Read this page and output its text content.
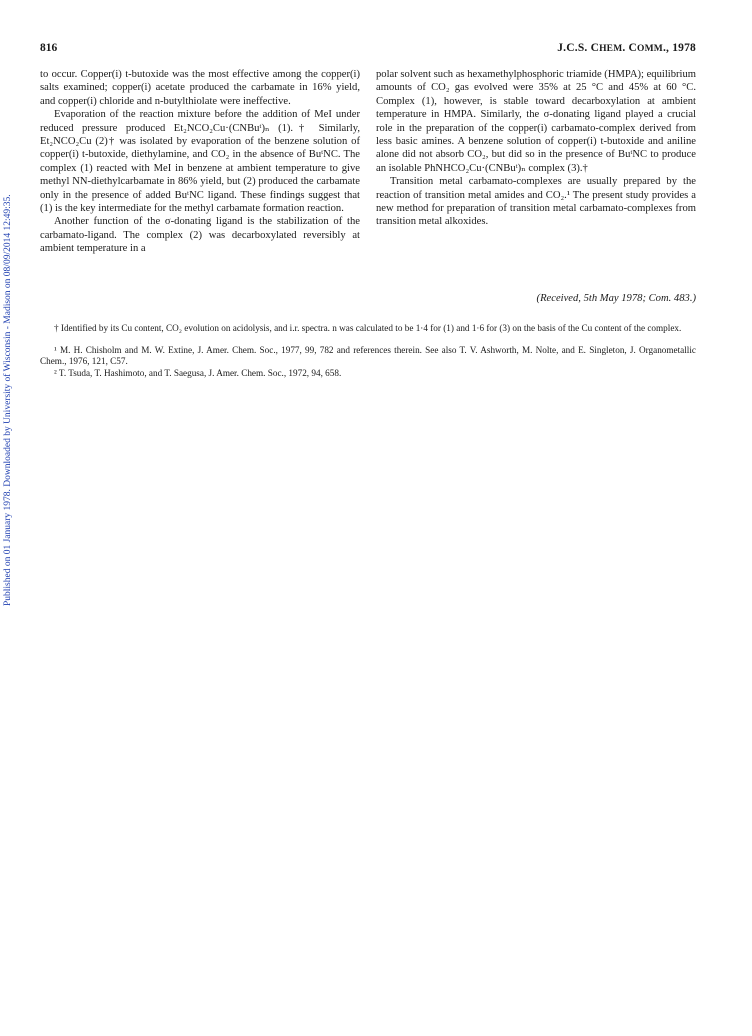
Published on 01 January 1978. Downloaded by University of Wisconsin - Madison on 08/09/2014 12:49:35.
816	J.C.S. CHEM. COMM., 1978

to occur. Copper(i) t-butoxide was the most effective among the copper(i) salts examined; copper(i) acetate produced the carbamate in 16% yield, and copper(i) chloride and n-butylthiolate were ineffective.

Evaporation of the reaction mixture before the addition of MeI under reduced pressure produced Et₂NCO₂Cu·(CNBuᵗ)ₙ (1).† Similarly, Et₂NCO₂Cu (2)† was isolated by evaporation of the benzene solution of copper(i) t-butoxide, diethylamine, and CO₂ in the absence of BuᵗNC. The complex (1) reacted with MeI in benzene at ambient temperature to give methyl NN-diethylcarbamate in 86% yield, but (2) produced the carbamate only in the presence of added BuᵗNC ligand. These findings suggest that (1) is the key intermediate for the methyl carbamate formation reaction.

Another function of the σ-donating ligand is the stabilization of the carbamato-ligand. The complex (2) was decarboxylated reversibly at ambient temperature in a

polar solvent such as hexamethylphosphoric triamide (HMPA); equilibrium amounts of CO₂ gas evolved were 35% at 25 °C and 45% at 60 °C. Complex (1), however, is stable toward decarboxylation at ambient temperature in HMPA. Similarly, the σ-donating ligand played a crucial role in the preparation of the copper(i) carbamato-complex derived from less basic amines. A benzene solution of copper(i) t-butoxide and aniline alone did not absorb CO₂, but did so in the presence of BuᵗNC to produce an isolable PhNHCO₂Cu·(CNBuᵗ)ₙ complex (3).†

Transition metal carbamato-complexes are usually prepared by the reaction of transition metal amides and CO₂.¹ The present study provides a new method for preparation of transition metal carbamato-complexes from transition metal alkoxides.

(Received, 5th May 1978; Com. 483.)

† Identified by its Cu content, CO₂ evolution on acidolysis, and i.r. spectra. n was calculated to be 1·4 for (1) and 1·6 for (3) on the basis of the Cu content of the complex.

¹ M. H. Chisholm and M. W. Extine, J. Amer. Chem. Soc., 1977, 99, 782 and references therein. See also T. V. Ashworth, M. Nolte, and E. Singleton, J. Organometallic Chem., 1976, 121, C57.

² T. Tsuda, T. Hashimoto, and T. Saegusa, J. Amer. Chem. Soc., 1972, 94, 658.
